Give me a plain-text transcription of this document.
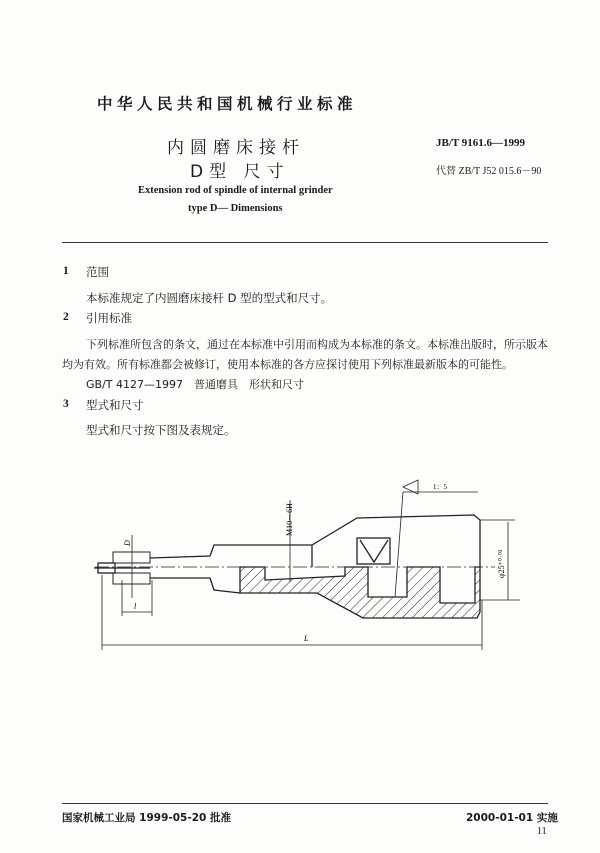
中华人民共和国机械行业标准
内圆磨床接杆
D型 尺寸
Extension rod of spindle of internal grinder
type D— Dimensions
JB/T 9161.6—1999
代替 ZB/T J52 015.6－90
1 范围
本标准规定了内圆磨床接杆 D 型的型式和尺寸。
2 引用标准
下列标准所包含的条文，通过在本标准中引用而构成为本标准的条文。本标准出版时，所示版本
均为有效。所有标准都会被修订，使用本标准的各方应探讨使用下列标准最新版本的可能性。
GB/T 4127—1997　普通磨具　形状和尺寸
3 型式和尺寸
型式和尺寸按下图及表规定。
M10－6H
1：5
φ25⁺⁰·⁰³
D
l
L
国家机械工业局 1999-05-20 批准	2000-01-01 实施
11
